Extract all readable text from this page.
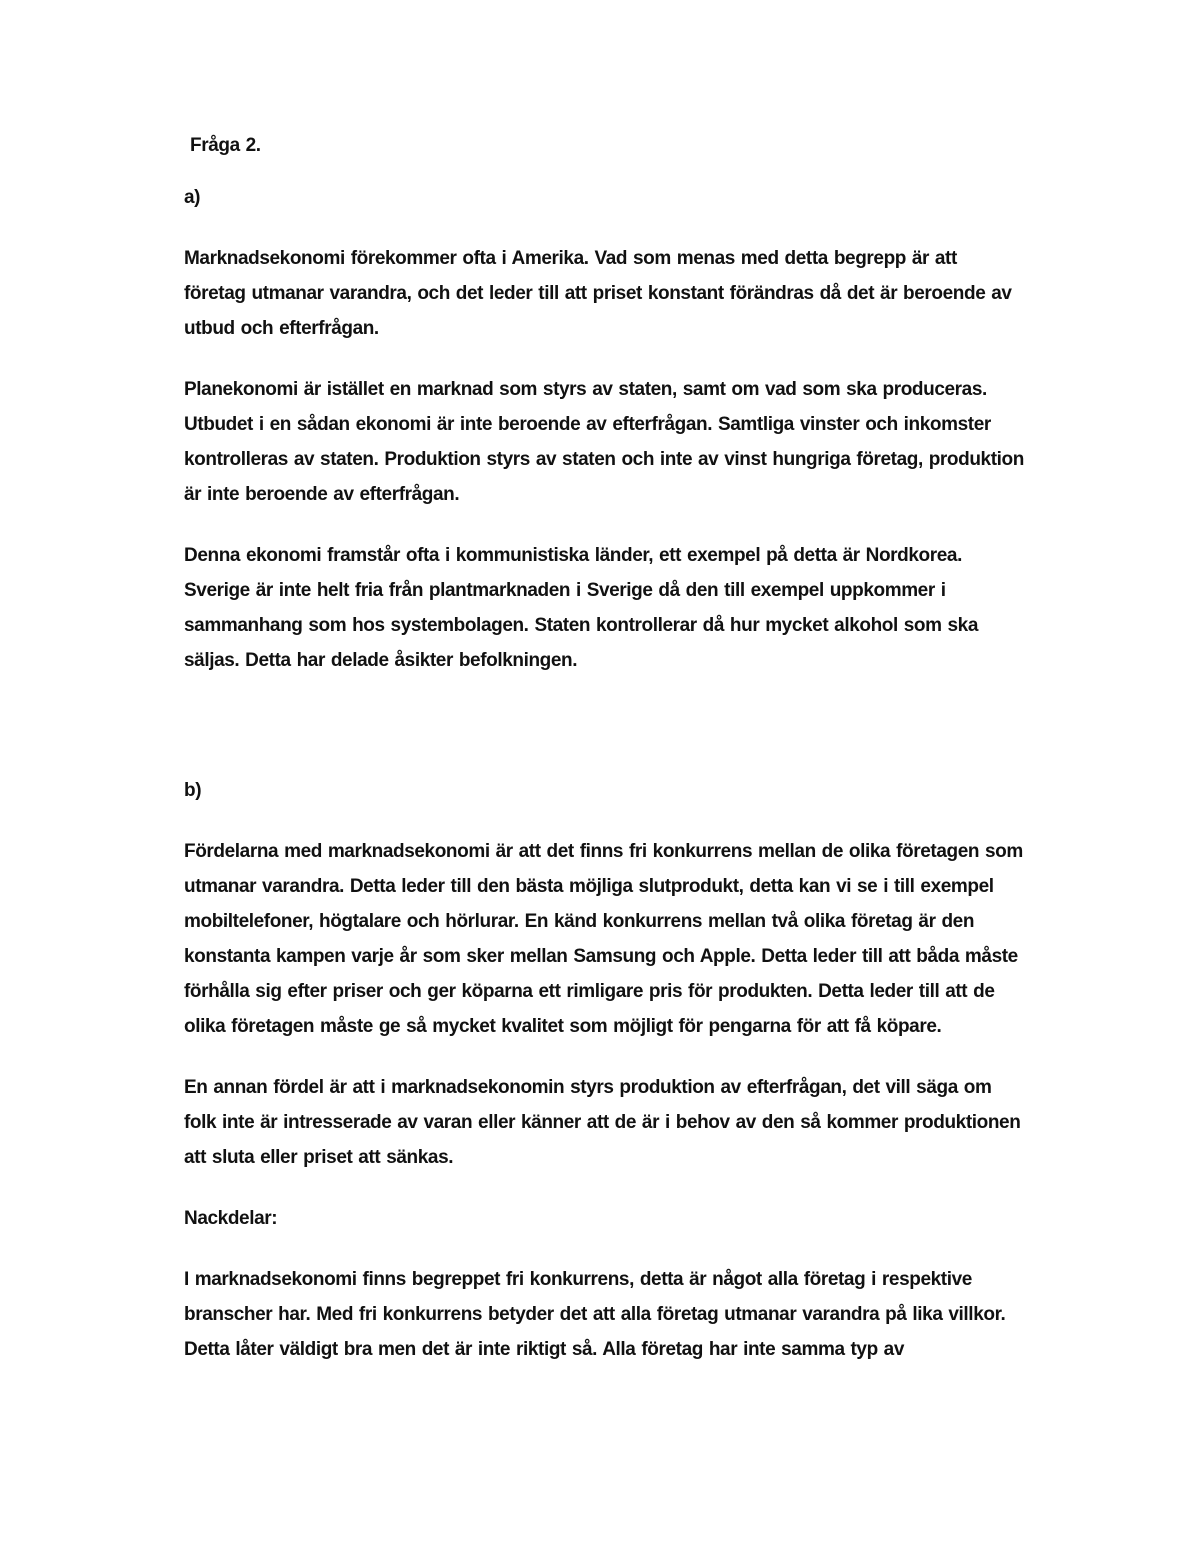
Fråga 2.
a)

Marknadsekonomi förekommer ofta i Amerika. Vad som menas med detta begrepp är att företag utmanar varandra, och det leder till att priset konstant förändras då det är beroende av utbud och efterfrågan.

Planekonomi är istället en marknad som styrs av staten, samt om vad som ska produceras. Utbudet i en sådan ekonomi är inte beroende av efterfrågan. Samtliga vinster och inkomster kontrolleras av staten. Produktion styrs av staten och inte av vinst hungriga företag, produktion är inte beroende av efterfrågan.

Denna ekonomi framstår ofta i kommunistiska länder, ett exempel på detta är Nordkorea. Sverige är inte helt fria från plantmarknaden i Sverige då den till exempel uppkommer i sammanhang som hos systembolagen. Staten kontrollerar då hur mycket alkohol som ska säljas. Detta har delade åsikter befolkningen.

b)

Fördelarna med marknadsekonomi är att det finns fri konkurrens mellan de olika företagen som utmanar varandra. Detta leder till den bästa möjliga slutprodukt, detta kan vi se i till exempel mobiltelefoner, högtalare och hörlurar. En känd konkurrens mellan två olika företag är den konstanta kampen varje år som sker mellan Samsung och Apple. Detta leder till att båda måste förhålla sig efter priser och ger köparna ett rimligare pris för produkten. Detta leder till att de olika företagen måste ge så mycket kvalitet som möjligt för pengarna för att få köpare.

En annan fördel är att i marknadsekonomin styrs produktion av efterfrågan, det vill säga om folk inte är intresserade av varan eller känner att de är i behov av den så kommer produktionen att sluta eller priset att sänkas.

Nackdelar:

I marknadsekonomi finns begreppet fri konkurrens, detta är något alla företag i respektive branscher har. Med fri konkurrens betyder det att alla företag utmanar varandra på lika villkor. Detta låter väldigt bra men det är inte riktigt så. Alla företag har inte samma typ av
